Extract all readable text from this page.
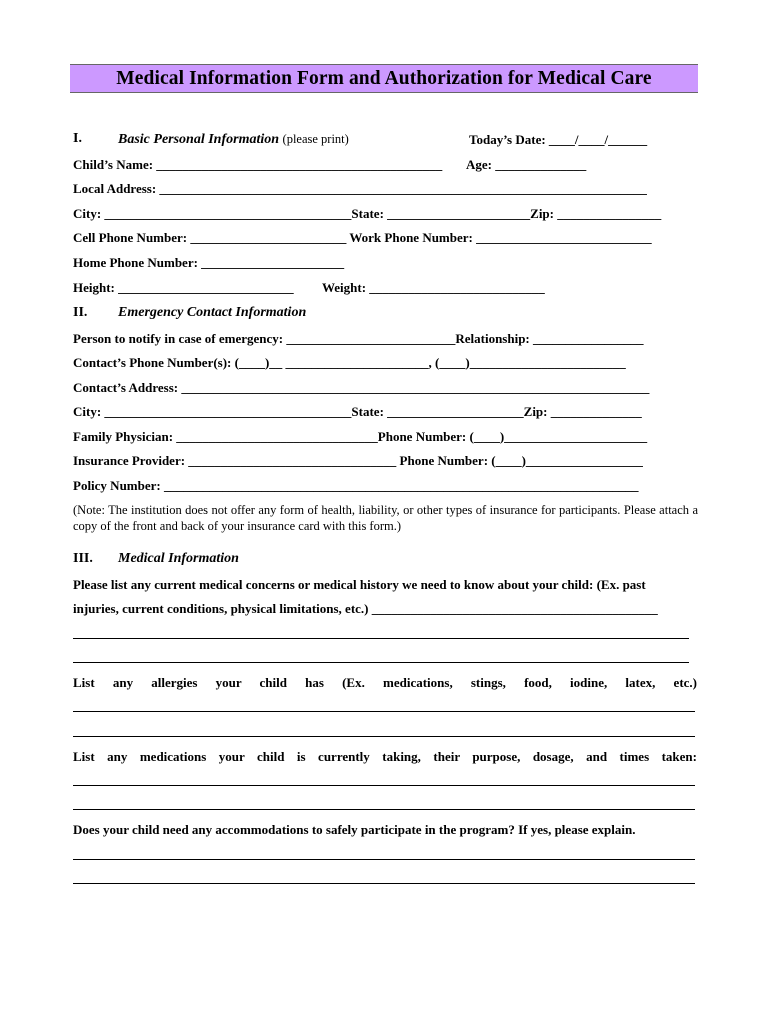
Medical Information Form and Authorization for Medical Care
I.	Basic Personal Information (please print)	Today’s Date: ____/____/______
Child’s Name: ____________________________________________ Age: ______________
Local Address: ___________________________________________________________________________
City: ______________________________________State: ______________________Zip: ________________
Cell Phone Number: ________________________ Work Phone Number: ___________________________
Home Phone Number: ______________________
Height: ___________________________ Weight: ___________________________
II. Emergency Contact Information
Person to notify in case of emergency: __________________________Relationship: _________________
Contact’s Phone Number(s): (____)__ ______________________, (____)________________________
Contact’s Address: ________________________________________________________________________
City: ______________________________________State: _____________________Zip: ______________
Family Physician: _______________________________Phone Number: (____)______________________
Insurance Provider: ________________________________ Phone Number: (____)__________________
Policy Number: _________________________________________________________________________
(Note: The institution does not offer any form of health, liability, or other types of insurance for participants. Please attach a copy of the front and back of your insurance card with this form.)
III. Medical Information
Please list any current medical concerns or medical history we need to know about your child: (Ex. past
injuries, current conditions, physical limitations, etc.) ____________________________________________
List any allergies your child has (Ex. medications, stings, food, iodine, latex, etc.)
List any medications your child is currently taking, their purpose, dosage, and times taken:
Does your child need any accommodations to safely participate in the program? If yes, please explain.
